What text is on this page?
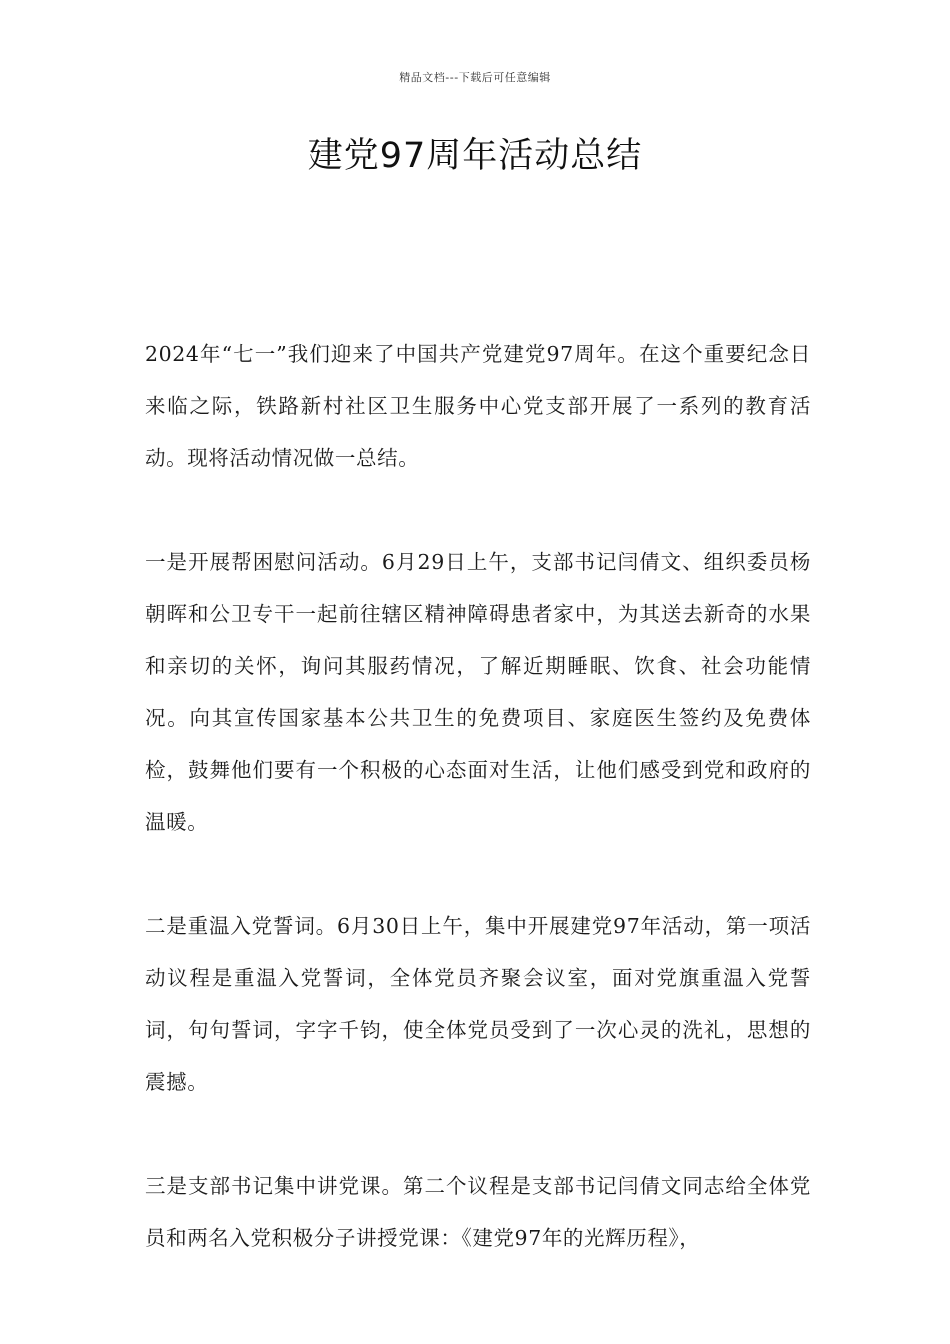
精品文档---下载后可任意编辑
建党97周年活动总结

2024年“七一”我们迎来了中国共产党建党97周年。在这个重要纪念日来临之际，铁路新村社区卫生服务中心党支部开展了一系列的教育活动。现将活动情况做一总结。

一是开展帮困慰问活动。6月29日上午，支部书记闫倩文、组织委员杨朝晖和公卫专干一起前往辖区精神障碍患者家中，为其送去新奇的水果和亲切的关怀，询问其服药情况，了解近期睡眠、饮食、社会功能情况。向其宣传国家基本公共卫生的免费项目、家庭医生签约及免费体检，鼓舞他们要有一个积极的心态面对生活，让他们感受到党和政府的温暖。

二是重温入党誓词。6月30日上午，集中开展建党97年活动，第一项活动议程是重温入党誓词，全体党员齐聚会议室，面对党旗重温入党誓词，句句誓词，字字千钧，使全体党员受到了一次心灵的洗礼，思想的震撼。

三是支部书记集中讲党课。第二个议程是支部书记闫倩文同志给全体党员和两名入党积极分子讲授党课：《建党97年的光辉历程》，
